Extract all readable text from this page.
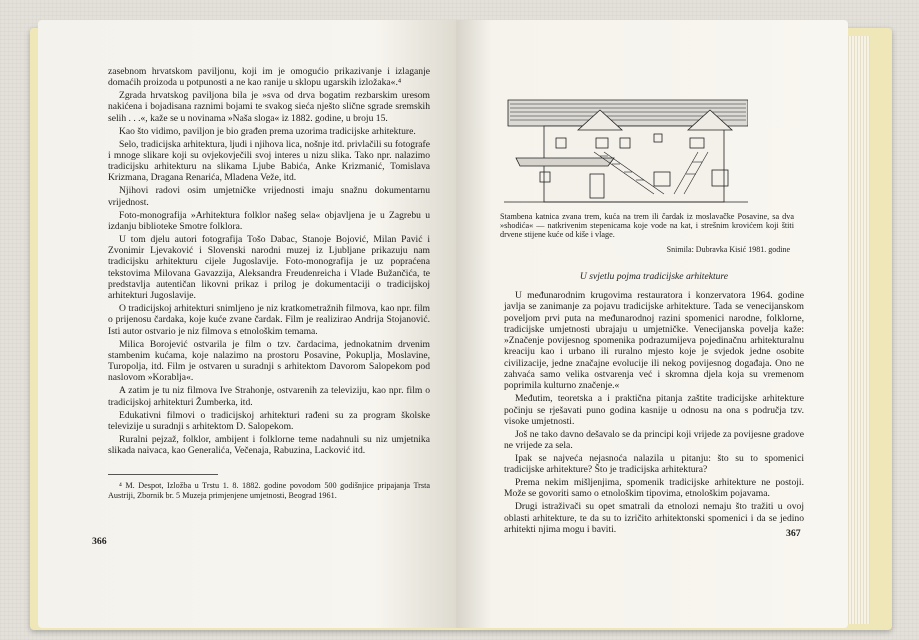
zasebnom hrvatskom paviljonu, koji im je omogućio prikazivanje i izlaganje domaćih proizoda u potpunosti a ne kao ranije u sklopu ugarskih izložaka«.⁴

Zgrada hrvatskog paviljona bila je »sva od drva bogatim rezbarskim uresom nakićena i bojadisana raznimi bojami te svakog sieća nješto slične sgrade sremskih selih . . .«, kaže se u novinama »Naša sloga« iz 1882. godine, u broju 15.

Kao što vidimo, paviljon je bio građen prema uzorima tradicijske arhitekture.

Selo, tradicijska arhitektura, ljudi i njihova lica, nošnje itd. privlačili su fotografe i mnoge slikare koji su ovjekovječili svoj interes u nizu slika. Tako npr. nalazimo tradicijsku arhitekturu na slikama Ljube Babića, Anke Krizmanić, Tomislava Krizmana, Dragana Renarića, Mladena Veže, itd.

Njihovi radovi osim umjetničke vrijednosti imaju snažnu dokumentarnu vrijednost.

Foto-monografija »Arhitektura folklor našeg sela« objavljena je u Zagrebu u izdanju biblioteke Smotre folklora.

U tom djelu autori fotografija Tošo Dabac, Stanoje Bojović, Milan Pavić i Zvonimir Ljevaković i Slovenski narodni muzej iz Ljubljane prikazuju nam tradicijsku arhitekturu cijele Jugoslavije. Foto-monografija je uz popraćena tekstovima Milovana Gavazzija, Aleksandra Freudenreicha i Vlade Bužančića, te predstavlja autentičan likovni prikaz i prilog je dokumentaciji o tradicijskoj arhitekturi Jugoslavije.

O tradicijskoj arhitekturi snimljeno je niz kratkometražnih filmova, kao npr. film o prijenosu čardaka, koje kuće zvane čardak. Film je realizirao Andrija Stojanović. Isti autor ostvario je niz filmova s etnološkim temama.

Milica Borojević ostvarila je film o tzv. čardacima, jednokatnim drvenim stambenim kućama, koje nalazimo na prostoru Posavine, Pokuplja, Moslavine, Turopolja, itd. Film je ostvaren u suradnji s arhitektom Davorom Salopekom pod naslovom »Korablja«.

A zatim je tu niz filmova Ive Strahonje, ostvarenih za televiziju, kao npr. film o tradicijskoj arhitekturi Žumberka, itd.

Edukativni filmovi o tradicijskoj arhitekturi rađeni su za program školske televizije u suradnji s arhitektom D. Salopekom.

Ruralni pejzaž, folklor, ambijent i folklorne teme nadahnuli su niz umjetnika slikada naivaca, kao Generalića, Večenaja, Rabuzina, Lacković itd.

⁴ M. Despot, Izložba u Trstu 1. 8. 1882. godine povodom 500 godišnjice pripajanja Trsta Austriji, Zbornik br. 5 Muzeja primjenjene umjetnosti, Beograd 1961.
366
Stambena katnica zvana trem, kuća na trem ili čardak iz moslavačke Posavine, sa dva »shodića« — natkrivenim stepenicama koje vode na kat, i strešnim krovićem koji štiti drvene stijene kuće od kiše i vlage.
Snimila: Dubravka Kisić 1981. godine
U svjetlu pojma tradicijske arhitekture

U međunarodnim krugovima restauratora i konzervatora 1964. godine javlja se zanimanje za pojavu tradicijske arhitekture. Tada se venecijanskom poveljom prvi puta na međunarodnoj razini spomenici narodne, folklorne, tradicijske umjetnosti ubrajaju u umjetničke. Venecijanska povelja kaže: »Značenje povijesnog spomenika podrazumijeva pojedinačnu arhitekturalnu kreaciju kao i urbano ili ruralno mjesto koje je svjedok jedne osobite civilizacije, jedne značajne evolucije ili nekog povijesnog događaja. Ono ne zahvaća samo velika ostvarenja već i skromna djela koja su vremenom poprimila kulturno značenje.«

Međutim, teoretska a i praktična pitanja zaštite tradicijske arhitekture počinju se rješavati puno godina kasnije u odnosu na ona s područja tzv. visoke umjetnosti.

Još ne tako davno dešavalo se da principi koji vrijede za povijesne gradove ne vrijede za sela.

Ipak se najveća nejasnoća nalazila u pitanju: što su to spomenici tradicijske arhitekture? Što je tradicijska arhitektura?

Prema nekim mišljenjima, spomenik tradicijske arhitekture ne postoji. Može se govoriti samo o etnološkim tipovima, etnološkim pojavama.

Drugi istraživači su opet smatrali da etnolozi nemaju što tražiti u ovoj oblasti arhitekture, te da su to izričito arhitektonski spomenici i da se jedino arhitekti njima mogu i baviti.	367
